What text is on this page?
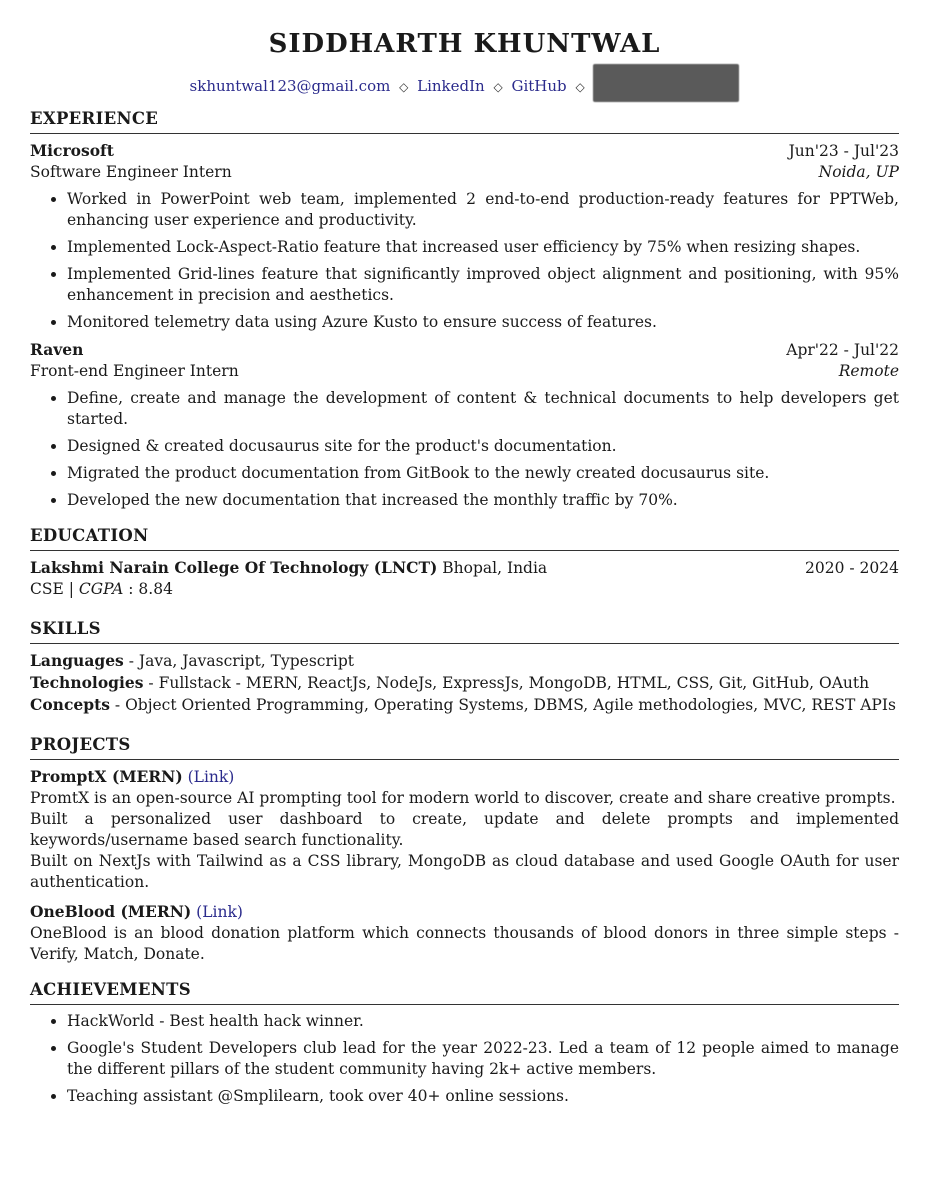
SIDDHARTH KHUNTWAL
skhuntwal123@gmail.com ◇ LinkedIn ◇ GitHub ◇
EXPERIENCE
Microsoft	Jun'23 - Jul'23
Software Engineer Intern	Noida, UP
• Worked in PowerPoint web team, implemented 2 end-to-end production-ready features for PPTWeb, enhancing user experience and productivity.
• Implemented Lock-Aspect-Ratio feature that increased user efficiency by 75% when resizing shapes.
• Implemented Grid-lines feature that significantly improved object alignment and positioning, with 95% enhancement in precision and aesthetics.
• Monitored telemetry data using Azure Kusto to ensure success of features.
Raven	Apr'22 - Jul'22
Front-end Engineer Intern	Remote
• Define, create and manage the development of content & technical documents to help developers get started.
• Designed & created docusaurus site for the product's documentation.
• Migrated the product documentation from GitBook to the newly created docusaurus site.
• Developed the new documentation that increased the monthly traffic by 70%.
EDUCATION
Lakshmi Narain College Of Technology (LNCT) Bhopal, India	2020 - 2024
CSE | CGPA : 8.84
SKILLS
Languages - Java, Javascript, Typescript
Technologies - Fullstack - MERN, ReactJs, NodeJs, ExpressJs, MongoDB, HTML, CSS, Git, GitHub, OAuth
Concepts - Object Oriented Programming, Operating Systems, DBMS, Agile methodologies, MVC, REST APIs
PROJECTS
PromptX (MERN) (Link)
PromtX is an open-source AI prompting tool for modern world to discover, create and share creative prompts.
Built a personalized user dashboard to create, update and delete prompts and implemented keywords/username based search functionality.
Built on NextJs with Tailwind as a CSS library, MongoDB as cloud database and used Google OAuth for user authentication.
OneBlood (MERN) (Link)
OneBlood is an blood donation platform which connects thousands of blood donors in three simple steps - Verify, Match, Donate.
ACHIEVEMENTS
• HackWorld - Best health hack winner.
• Google's Student Developers club lead for the year 2022-23. Led a team of 12 people aimed to manage the different pillars of the student community having 2k+ active members.
• Teaching assistant @Smplilearn, took over 40+ online sessions.
